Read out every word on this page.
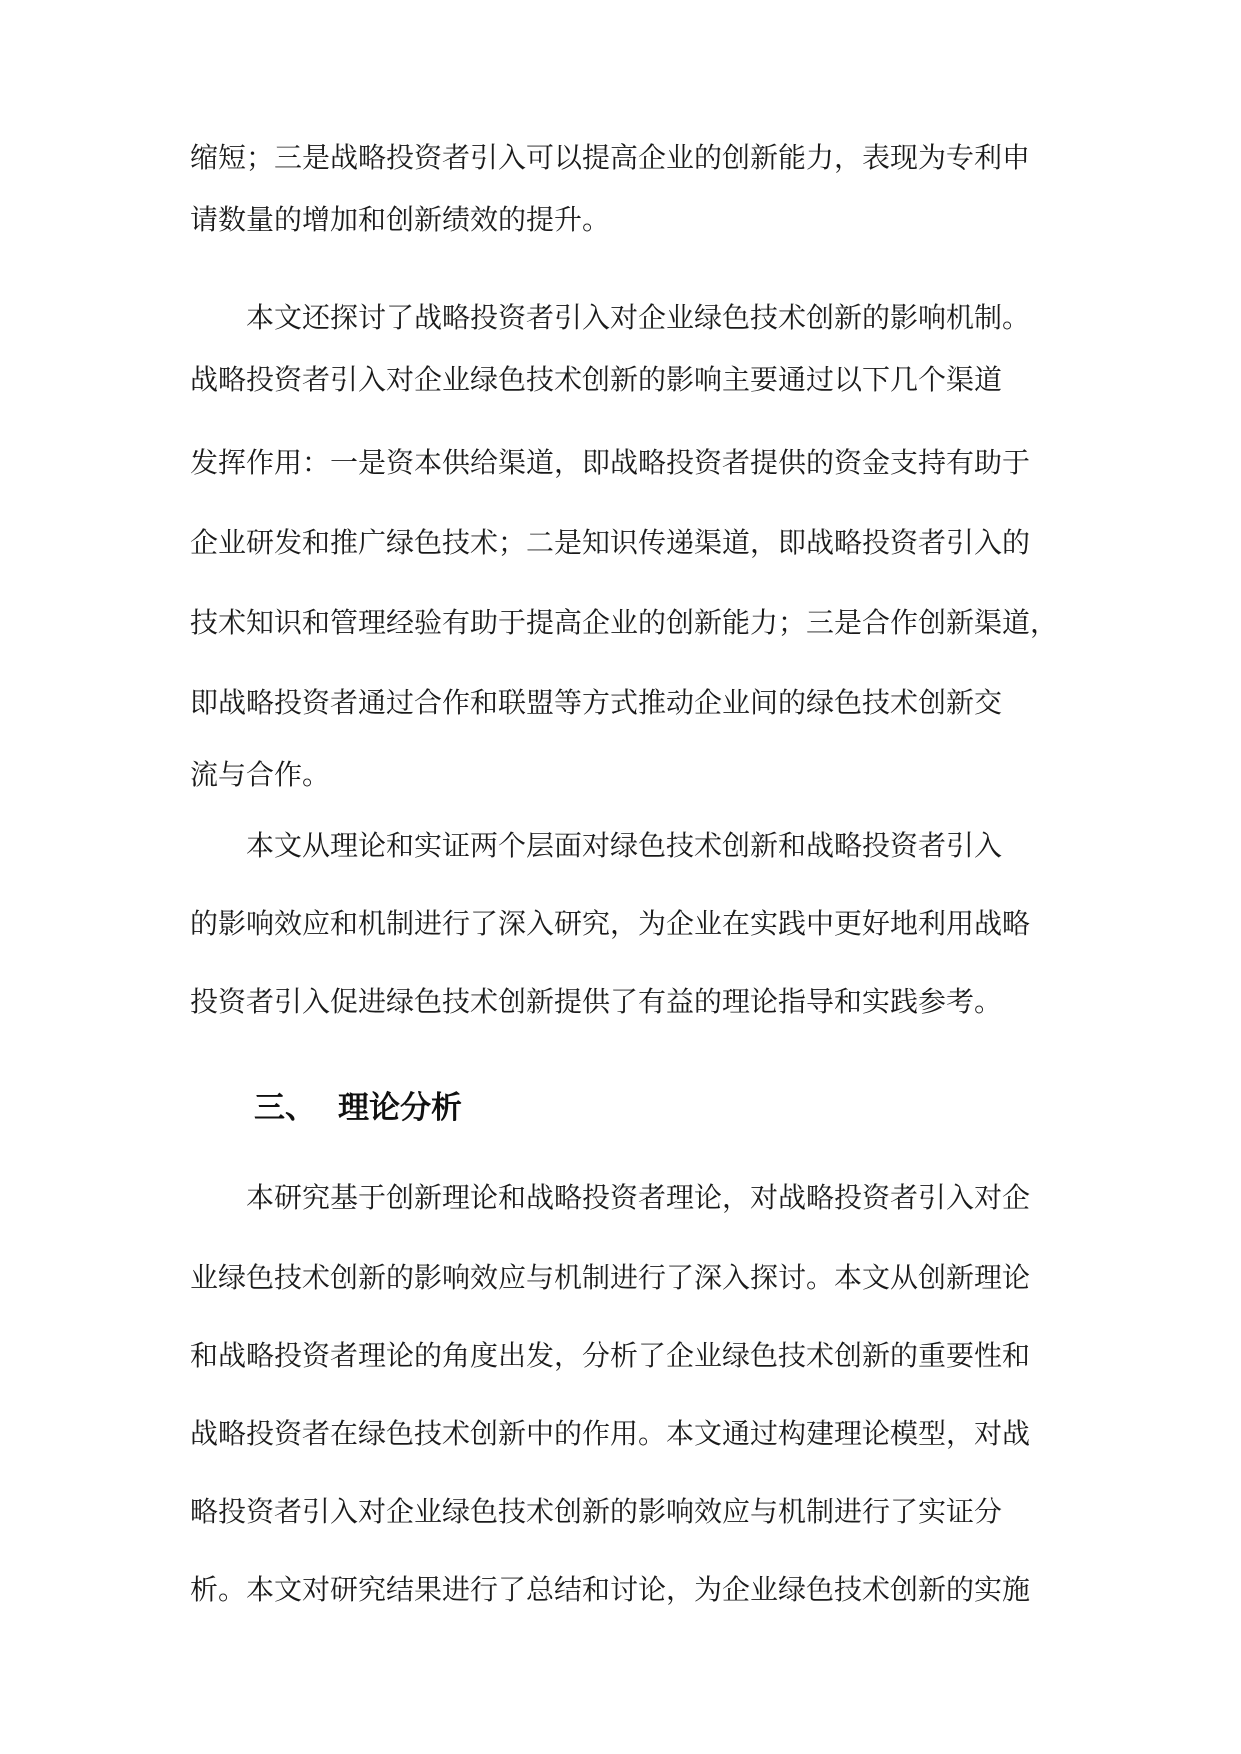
缩短；三是战略投资者引入可以提高企业的创新能力，表现为专利申
请数量的增加和创新绩效的提升。
本文还探讨了战略投资者引入对企业绿色技术创新的影响机制。
战略投资者引入对企业绿色技术创新的影响主要通过以下几个渠道
发挥作用：一是资本供给渠道，即战略投资者提供的资金支持有助于
企业研发和推广绿色技术；二是知识传递渠道，即战略投资者引入的
技术知识和管理经验有助于提高企业的创新能力；三是合作创新渠道，
即战略投资者通过合作和联盟等方式推动企业间的绿色技术创新交
流与合作。
本文从理论和实证两个层面对绿色技术创新和战略投资者引入
的影响效应和机制进行了深入研究，为企业在实践中更好地利用战略
投资者引入促进绿色技术创新提供了有益的理论指导和实践参考。
三、 理论分析
本研究基于创新理论和战略投资者理论，对战略投资者引入对企
业绿色技术创新的影响效应与机制进行了深入探讨。本文从创新理论
和战略投资者理论的角度出发，分析了企业绿色技术创新的重要性和
战略投资者在绿色技术创新中的作用。本文通过构建理论模型，对战
略投资者引入对企业绿色技术创新的影响效应与机制进行了实证分
析。本文对研究结果进行了总结和讨论，为企业绿色技术创新的实施
